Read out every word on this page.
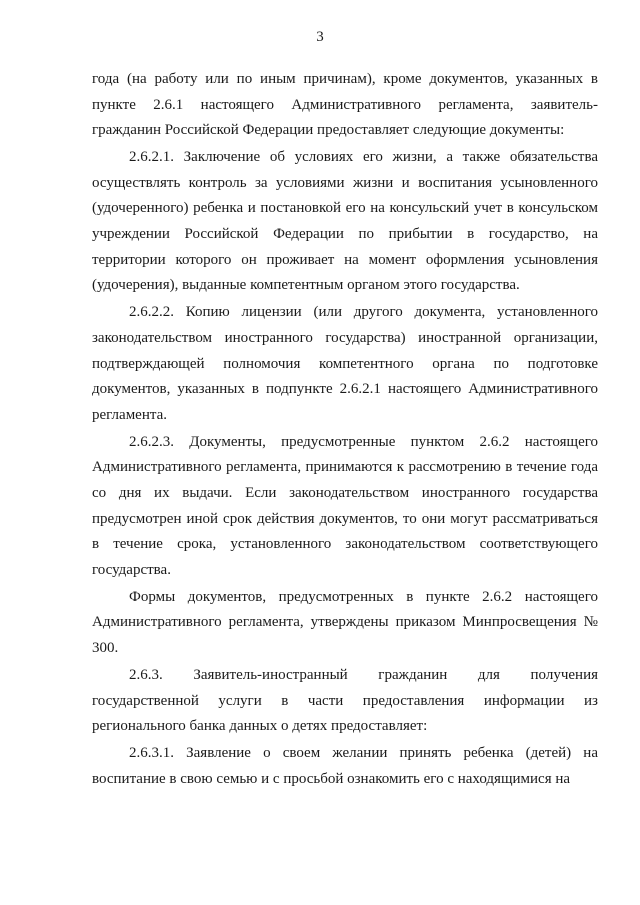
3

года (на работу или по иным причинам), кроме документов, указанных в пункте 2.6.1 настоящего Административного регламента, заявитель-гражданин Российской Федерации предоставляет следующие документы:

2.6.2.1. Заключение об условиях его жизни, а также обязательства осуществлять контроль за условиями жизни и воспитания усыновленного (удочеренного) ребенка и постановкой его на консульский учет в консульском учреждении Российской Федерации по прибытии в государство, на территории которого он проживает на момент оформления усыновления (удочерения), выданные компетентным органом этого государства.

2.6.2.2. Копию лицензии (или другого документа, установленного законодательством иностранного государства) иностранной организации, подтверждающей полномочия компетентного органа по подготовке документов, указанных в подпункте 2.6.2.1 настоящего Административного регламента.

2.6.2.3. Документы, предусмотренные пунктом 2.6.2 настоящего Административного регламента, принимаются к рассмотрению в течение года со дня их выдачи. Если законодательством иностранного государства предусмотрен иной срок действия документов, то они могут рассматриваться в течение срока, установленного законодательством соответствующего государства.

Формы документов, предусмотренных в пункте 2.6.2 настоящего Административного регламента, утверждены приказом Минпросвещения № 300.

2.6.3. Заявитель-иностранный гражданин для получения государственной услуги в части предоставления информации из регионального банка данных о детях предоставляет:

2.6.3.1. Заявление о своем желании принять ребенка (детей) на воспитание в свою семью и с просьбой ознакомить его с находящимися на
